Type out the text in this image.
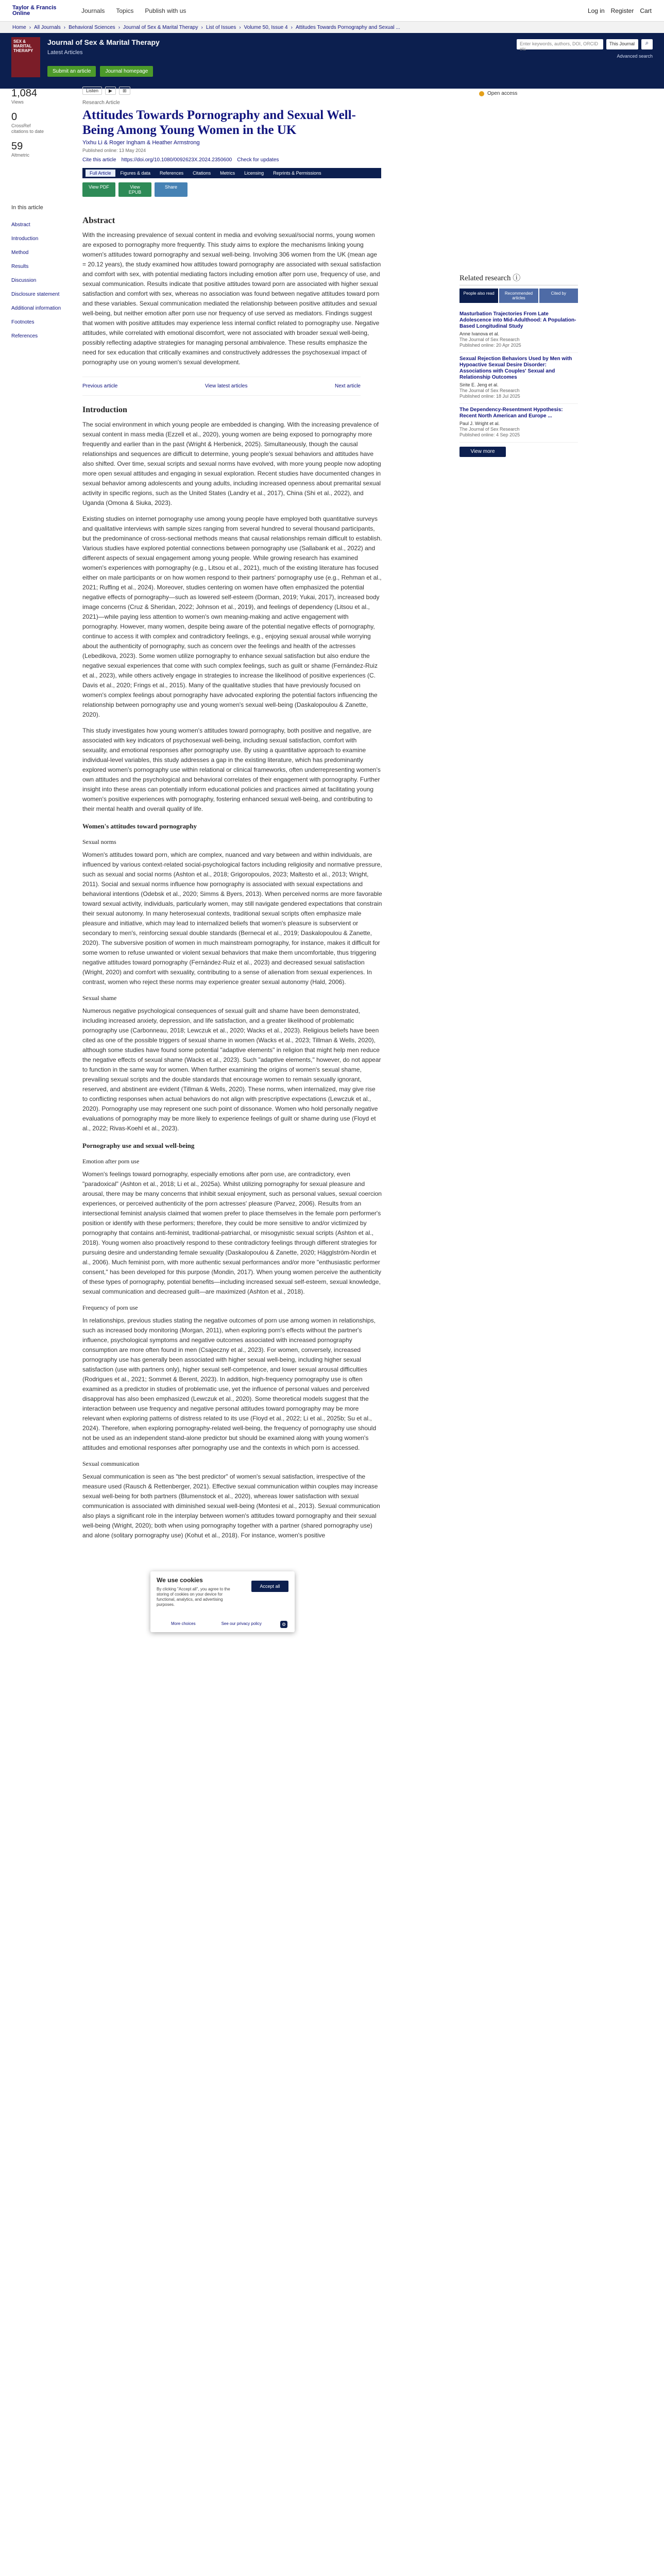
Taylor & Francis
Online	Journals Topics Publish with us	Log in Register Cart
Home › All Journals › Behavioral Sciences › Journal of Sex & Marital Therapy › List of Issues › Volume 50, Issue 4 › Attitudes Towards Pornography and Sexual ...
SEX & MARITAL THERAPY
Journal of Sex & Marital Therapy
Latest Articles
Submit an article	Journal homepage
Enter keywords, authors, DOI, ORCID etc
This Journal	⌕
Advanced search
1,084
Views
0
CrossRef citations to date
59
Altmetric
Listen	▶	⊞
Research Article
Attitudes Towards Pornography and Sexual Well-Being Among Young Women in the UK
Yixhu Li & Roger Ingham & Heather Armstrong
Published online: 13 May 2024
Cite this article https://doi.org/10.1080/0092623X.2024.2350600 Check for updates
Full Article	Figures & data	References	Citations	Metrics	Licensing	Reprints & Permissions
View PDF	View EPUB
Share
Open access
In this article
Abstract
Introduction
Method
Results
Discussion
Disclosure statement
Additional information
Footnotes
References
Abstract

With the increasing prevalence of sexual content in media and evolving sexual/social norms, young women are exposed to pornography more frequently. This study aims to explore the mechanisms linking young women's attitudes toward pornography and sexual well-being. Involving 306 women from the UK (mean age = 20.12 years), the study examined how attitudes toward pornography are associated with sexual satisfaction and comfort with sex, with potential mediating factors including emotion after porn use, frequency of use, and sexual communication. Results indicate that positive attitudes toward porn are associated with higher sexual satisfaction and comfort with sex, whereas no association was found between negative attitudes toward porn and these variables. Sexual communication mediated the relationship between positive attitudes and sexual well-being, but neither emotion after porn use nor frequency of use served as mediators. Findings suggest that women with positive attitudes may experience less internal conflict related to pornography use. Negative attitudes, while correlated with emotional discomfort, were not associated with broader sexual well-being, possibly reflecting adaptive strategies for managing personal ambivalence. These results emphasize the need for sex education that critically examines and constructively addresses the psychosexual impact of pornography use on young women's sexual development.

Previous article	View latest articles	Next article
Introduction

The social environment in which young people are embedded is changing. With the increasing prevalence of sexual content in mass media (Ezzell et al., 2020), young women are being exposed to pornography more frequently and earlier than in the past (Wright & Herbenick, 2025). Simultaneously, though the causal relationships and sequences are difficult to determine, young people's sexual behaviors and attitudes have also shifted. Over time, sexual scripts and sexual norms have evolved, with more young people now adopting more open sexual attitudes and engaging in sexual exploration. Recent studies have documented changes in sexual behavior among adolescents and young adults, including increased openness about premarital sexual activity in specific regions, such as the United States (Landry et al., 2017), China (Shi et al., 2022), and Uganda (Omona & Siuka, 2023).

Existing studies on internet pornography use among young people have employed both quantitative surveys and qualitative interviews with sample sizes ranging from several hundred to several thousand participants, but the predominance of cross-sectional methods means that causal relationships remain difficult to establish. Various studies have explored potential connections between pornography use (Sallabank et al., 2022) and different aspects of sexual engagement among young people. While growing research has examined women's experiences with pornography (e.g., Litsou et al., 2021), much of the existing literature has focused either on male participants or on how women respond to their partners' pornography use (e.g., Rehman et al., 2021; Ruffing et al., 2024). Moreover, studies centering on women have often emphasized the potential negative effects of pornography—such as lowered self-esteem (Dorman, 2019; Yukai, 2017), increased body image concerns (Cruz & Sheridan, 2022; Johnson et al., 2019), and feelings of dependency (Litsou et al., 2021)—while paying less attention to women's own meaning-making and active engagement with pornography. However, many women, despite being aware of the potential negative effects of pornography, continue to access it with complex and contradictory feelings, e.g., enjoying sexual arousal while worrying about the authenticity of pornography, such as concern over the feelings and health of the actresses (Lebedikova, 2023). Some women utilize pornography to enhance sexual satisfaction but also endure the negative sexual experiences that come with such complex feelings, such as guilt or shame (Fernández-Ruiz et al., 2023), while others actively engage in strategies to increase the likelihood of positive experiences (C. Davis et al., 2020; Frings et al., 2015). Many of the qualitative studies that have previously focused on women's complex feelings about pornography have advocated exploring the potential factors influencing the relationship between pornography use and young women's sexual well-being (Daskalopoulou & Zanette, 2020).

This study investigates how young women's attitudes toward pornography, both positive and negative, are associated with key indicators of psychosexual well-being, including sexual satisfaction, comfort with sexuality, and emotional responses after pornography use. By using a quantitative approach to examine individual-level variables, this study addresses a gap in the existing literature, which has predominantly explored women's pornography use within relational or clinical frameworks, often underrepresenting women's own attitudes and the psychological and behavioral correlates of their engagement with pornography. Further insight into these areas can potentially inform educational policies and practices aimed at facilitating young women's positive experiences with pornography, fostering enhanced sexual well-being, and contributing to their mental health and overall quality of life.

Women's attitudes toward pornography
Sexual norms

Women's attitudes toward porn, which are complex, nuanced and vary between and within individuals, are influenced by various context-related social-psychological factors including religiosity and normative pressure, such as sexual and social norms (Ashton et al., 2018; Grigoropoulos, 2023; Maltesto et al., 2013; Wright, 2011). Social and sexual norms influence how pornography is associated with sexual expectations and behavioral intentions (Odebsk et al., 2020; Simms & Byers, 2013). When perceived norms are more favorable toward sexual activity, individuals, particularly women, may still navigate gendered expectations that constrain their sexual autonomy. In many heterosexual contexts, traditional sexual scripts often emphasize male pleasure and initiative, which may lead to internalized beliefs that women's pleasure is subservient or secondary to men's, reinforcing sexual double standards (Bernecal et al., 2019; Daskalopoulou & Zanette, 2020). The subversive position of women in much mainstream pornography, for instance, makes it difficult for some women to refuse unwanted or violent sexual behaviors that make them uncomfortable, thus triggering negative attitudes toward pornography (Fernández-Ruiz et al., 2023) and decreased sexual satisfaction (Wright, 2020) and comfort with sexuality, contributing to a sense of alienation from sexual experiences. In contrast, women who reject these norms may experience greater sexual autonomy (Hald, 2006).

Sexual shame

Numerous negative psychological consequences of sexual guilt and shame have been demonstrated, including increased anxiety, depression, and life satisfaction, and a greater likelihood of problematic pornography use (Carbonneau, 2018; Lewczuk et al., 2020; Wacks et al., 2023). Religious beliefs have been cited as one of the possible triggers of sexual shame in women (Wacks et al., 2023; Tillman & Wells, 2020), although some studies have found some potential "adaptive elements" in religion that might help men reduce the negative effects of sexual shame (Wacks et al., 2023). Such "adaptive elements," however, do not appear to function in the same way for women. When further examining the origins of women's sexual shame, prevailing sexual scripts and the double standards that encourage women to remain sexually ignorant, reserved, and abstinent are evident (Tillman & Wells, 2020). These norms, when internalized, may give rise to conflicting responses when actual behaviors do not align with prescriptive expectations (Lewczuk et al., 2020). Pornography use may represent one such point of dissonance. Women who hold personally negative evaluations of pornography may be more likely to experience feelings of guilt or shame during use (Floyd et al., 2022; Rivas-Koehl et al., 2023).

Pornography use and sexual well-being
Emotion after porn use

Women's feelings toward pornography, especially emotions after porn use, are contradictory, even "paradoxical" (Ashton et al., 2018; Li et al., 2025a). Whilst utilizing pornography for sexual pleasure and arousal, there may be many concerns that inhibit sexual enjoyment, such as personal values, sexual coercion experiences, or perceived authenticity of the porn actresses' pleasure (Parvez, 2006). Results from an intersectional feminist analysis claimed that women prefer to place themselves in the female porn performer's position or identify with these performers; therefore, they could be more sensitive to and/or victimized by pornography that contains anti-feminist, traditional-patriarchal, or misogynistic sexual scripts (Ashton et al., 2018). Young women also proactively respond to these contradictory feelings through different strategies for pursuing desire and understanding female sexuality (Daskalopoulou & Zanette, 2020; Hägglström-Nordin et al., 2006). Much feminist porn, with more authentic sexual performances and/or more "enthusiastic performer consent," has been developed for this purpose (Mondin, 2017). When young women perceive the authenticity of these types of pornography, potential benefits—including increased sexual self-esteem, sexual knowledge, sexual communication and decreased guilt—are maximized (Ashton et al., 2018).

Frequency of porn use

In relationships, previous studies stating the negative outcomes of porn use among women in relationships, such as increased body monitoring (Morgan, 2011), when exploring porn's effects without the partner's influence, psychological symptoms and negative outcomes associated with increased pornography consumption are more often found in men (Csajeczny et al., 2023). For women, conversely, increased pornography use has generally been associated with higher sexual well-being, including higher sexual satisfaction (use with partners only), higher sexual self-competence, and lower sexual arousal difficulties (Rodrigues et al., 2021; Sommet & Berent, 2023). In addition, high-frequency pornography use is often examined as a predictor in studies of problematic use, yet the influence of personal values and perceived disapproval has also been emphasized (Lewczuk et al., 2020). Some theoretical models suggest that the interaction between use frequency and negative personal attitudes toward pornography may be more relevant when exploring patterns of distress related to its use (Floyd et al., 2022; Li et al., 2025b; Su et al., 2024). Therefore, when exploring pornography-related well-being, the frequency of pornography use should not be used as an independent stand-alone predictor but should be examined along with young women's attitudes and emotional responses after pornography use and the contexts in which porn is accessed.

Sexual communication

Sexual communication is seen as "the best predictor" of women's sexual satisfaction, irrespective of the measure used (Rausch & Rettenberger, 2021). Effective sexual communication within couples may increase sexual well-being for both partners (Blumenstock et al., 2020), whereas lower satisfaction with sexual communication is associated with diminished sexual well-being (Montesi et al., 2013). Sexual communication also plays a significant role in the interplay between women's attitudes toward pornography and their sexual well-being (Wright, 2020); both when using pornography together with a partner (shared pornography use) and alone (solitary pornography use) (Kohut et al., 2018). For instance, women's positive

Related research ⓘ
People also read	Recommended articles
Cited by
Masturbation Trajectories From Late Adolescence into Mid-Adulthood: A Population-Based Longitudinal Study
Anne Ivanova et al.
The Journal of Sex Research
Published online: 20 Apr 2025
Sexual Rejection Behaviors Used by Men with Hypoactive Sexual Desire Disorder: Associations with Couples' Sexual and Relationship Outcomes
Sirite E. Jeng et al.
The Journal of Sex Research
Published online: 18 Jul 2025
The Dependency-Resentment Hypothesis: Recent North American and Europe ...
Paul J. Wright et al.
The Journal of Sex Research
Published online: 4 Sep 2025
View more
We use cookies
By clicking "Accept all", you agree to the storing of cookies on your device for functional, analytics, and advertising purposes.
Accept all
More choices	See our privacy policy	⚙
